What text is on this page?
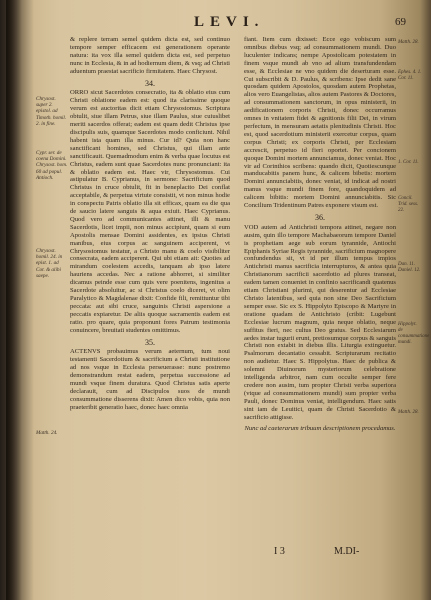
LEVI.	69

& replere terram semel quidem dicta est, sed continuo tempore semper efficacem est generationem operante natura: ita vox illa semel quidem dicta est, sed perpetuo nunc in Ecclesia, & in ad hodiernum diem, & vsq; ad Christi aduentum praestat sacrificio firmitatem. Haec Chrysost.

34.

ORRO sicut Sacerdotes consecratio, ita & oblatio eius cum Christi oblatione eadem est: quod ita clarissime quoque verum est auctoritas dicit etiam Chrysostomus. Scriptura obtulit, siue illam Petrus, siue illam Paulus, siue cuiuslibet meriti sacerdos offerat; eadem est quam dedit Christus ipse discipulis suis, quamque Sacerdotes modo conficiunt. Nihil habent ista quam illa minus. Cur id? Quia non hanc sanctificant homines, sed Christus, qui illam ante sanctificauit. Quemadmodum enim & verba quae locutus est Christus, eadem sunt quae Sacerdotes nunc pronunciant: ita & oblatio eadem est. Haec vir, Chrysostomus. Cui astipulatur B. Cyprianus, in sermone: Sacrificium quod Christus in cruce obtulit, fit in beneplacito Dei conflat acceptabile, & perpetua virtute consistit, vt non minus hodie in conspectu Patris oblatio illa sit efficax, quam ea die qua de saucio latere sanguis & aqua exiuit. Haec Cyprianus. Quod vero ad communicantes attinet, illi & manu Sacerdotis, licet impii, non minus accipiunt, quam si eum Apostolis mensae Domini assidentes, ex ipsius Christi manibus, eius corpus ac sanguinem acciperent, vt Chrysostomus testatur, a Christo manu & coelo visibiliter consecrata, eadem acciperent. Qui ubi etiam ait: Quoties ad mirandum coelestem accedis, tanquam ab ipso latere hauriens accedas. Nec a ratione abhorret, si similiter dicamus peinde esse cum quis vere poenitens, ingenitus a Sacerdote absoluitur, ac si Christus coelo diceret, vt olim Paralytico & Magdalenae dixit: Confide fili, remittuntur tibi peccata: aut sibi cruce, sanguinis Christi aspersione a peccatis expiaretur. De aliis quoque sacramentis eadem est ratio. pro quare, quia proponunt fores Patrum testimonia conuincere, breuitati studentes omittimus.

35.

ACTENVS probauimus verum aeternum, tum noui testamenti Sacerdotium & sacrificium a Christi institutione ad nos vsque in Ecclesia perseuerasse: nunc postremo demonstrandum restat eadem, perpetua successione ad mundi vsque finem duratura. Quod Christus satis aperte declarauit, cum ad Discipulos suos de mundi consummatione disserens dixit: Amen dico vobis, quia non praeteribit generatio haec, donec haec omnia

Chrysost. super 2. epistol. ad Timoth. homil. 2. in fine.
Cypr. ser. de coena Domini. Chrysost. hom. 60 ad popul. Antioch.
Chrysost. homil. 24. in epist. 1. ad Cor. & alibi saepe.
Matth. 24.

fiant. Item cum dixisset: Ecce ego vobiscum sum omnibus diebus vsq; ad consummationem mundi. Duo luculenter indicans; nempe Apostolicam potestatem in finem vsque mundi ab vno ad alium transfundendam esse, & Ecclesiae ne vno quidem die deserturam esse. Cui subscribit & D. Paulus, & scribens: Ipse dedit sane quosdam quidem Apostolos, quosdam autem Prophetas, alios vero Euangelistas, alios autem Pastores & Doctores, ad consummationem sanctorum, in opus ministerii, in aedificationem corporis Christi, donec occurramus omnes in vnitatem fidei & agnitionis filii Dei, in virum perfectum, in mensuram aetatis plenitudinis Christi. Hoc est, quod sacerdotium ministerii exercetur corpus, quam corpus Christi; ex corporis Christi, per Ecclesiam accrescit, perpetuo id fieri oportet. Per concionem quoque Domini mortem annunciamus, donec veniat. Hoc vir ad Corinthios scribens: quando dicit, Quotiescunque manducabitis panem hunc, & calicem bibetis: mortem Domini annunciabitis, donec veniat, id indicat ad nostri manus vsque mundi finem fore, quandoquidem ad calicem bibitis: mortem Domini annunciabitis. Sic Concilium Tridentinum Patres exponere visum est.

36.

VOD autem ad Antichristi tempora attinet, negare non ausim, quin illo tempore Machabaeorum tempore Daniel is prophetiam aege sub eorum tyrannide, Antiochi Epiphanis Syriae Regis tyrannide, sacrificium magnopere confundendus sit, vt id per illum tempus impios Antichristi manus sacrificia interrupturos, & antea quia Christianorum sacrificii sacerdotio ad plures transeat, eadem tamen conueniet in confinio sacrificandi quatenus etiam Christiani plurimi, qui deserentur ad Ecclesiae Christo latentibus, sed quia non sine Deo Sacrificium semper esse. Sic ex S. Hippolyto Episcopo & Martyre in oratione quadam de Antichristo (cribit: Lugebunt Ecclesiae lucrum magnum, quia neque oblatio, neque suffitus fieri, nec cultus Deo gratus. Sed Ecclesiarum aedes instar tugurii erunt, pretiosumque corpus & sanguis Christi non extabit in diebus illis. Liturgia extinguetur. Psalmorum decantatio cessabit. Scripturarum recitatio non audietur. Haec S. Hippolytus. Haec de publica & solemni Diuinorum mysteriorum celebratione intelligenda arbitror, nam cum occulte semper fere credere non ausim, tum propter Christi verba superiora (vtque ad consummationem mundi) sum propter verba Pauli, donec Dominus veniat, intelligendum. Haec satis sint iam de Leuitici, quam de Christi Sacerdotio & sacrificio attigisse.

Nunc ad caeterarum tribuum descriptionem procedamus.

Matth. 28.
Ephes. 4. 1. Cor. 11.
1. Cor. 11.
Concil. Trid. sess. 22.
Dan. 11. Daniel. 12.
Hippolyt. de consummatione mundi.
Matth. 28.
I 3	M.DI-
